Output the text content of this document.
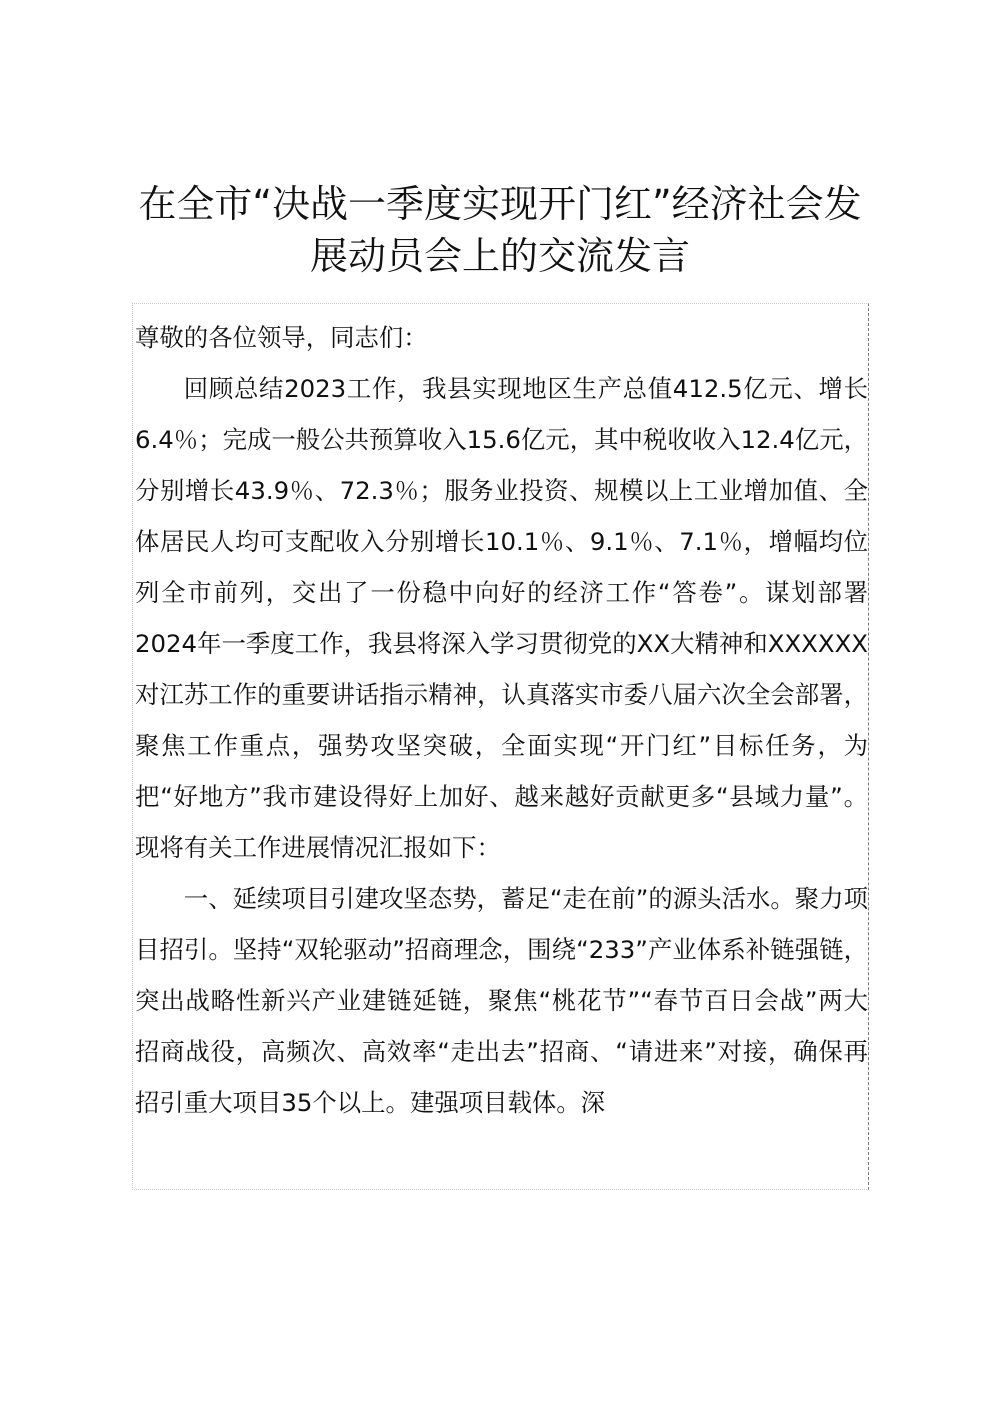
在全市“决战一季度实现开门红”经济社会发
展动员会上的交流发言

尊敬的各位领导，同志们：

回顾总结2023工作，我县实现地区生产总值412.5亿元、增长6.4％；完成一般公共预算收入15.6亿元，其中税收收入12.4亿元，分别增长43.9％、72.3％；服务业投资、规模以上工业增加值、全体居民人均可支配收入分别增长10.1％、9.1％、7.1％，增幅均位列全市前列，交出了一份稳中向好的经济工作“答卷”。谋划部署2024年一季度工作，我县将深入学习贯彻党的XX大精神和XXXXXX对江苏工作的重要讲话指示精神，认真落实市委八届六次全会部署，聚焦工作重点，强势攻坚突破，全面实现“开门红”目标任务，为把“好地方”我市建设得好上加好、越来越好贡献更多“县域力量”。现将有关工作进展情况汇报如下：

一、延续项目引建攻坚态势，蓄足“走在前”的源头活水。聚力项目招引。坚持“双轮驱动”招商理念，围绕“233”产业体系补链强链，突出战略性新兴产业建链延链，聚焦“桃花节”“春节百日会战”两大招商战役，高频次、高效率“走出去”招商、“请进来”对接，确保再招引重大项目35个以上。建强项目载体。深
